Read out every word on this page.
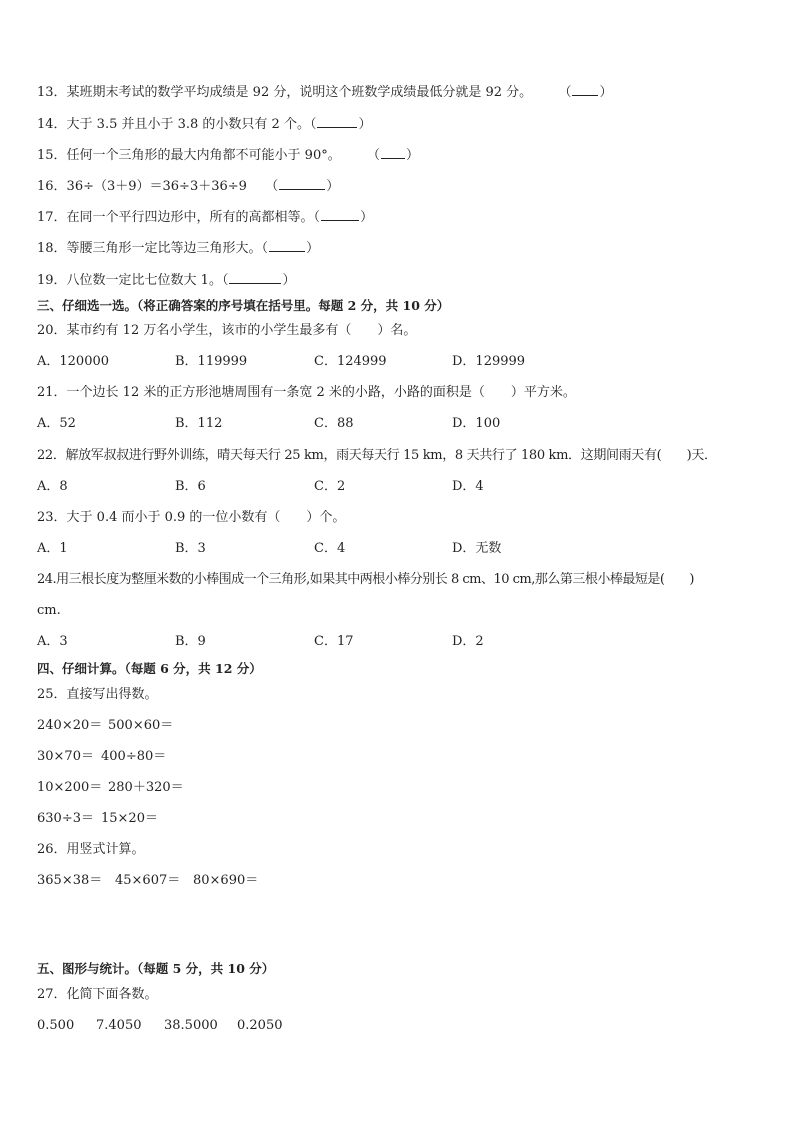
13．某班期末考试的数学平均成绩是 92 分，说明这个班数学成绩最低分就是 92 分。 （ ）
14．大于 3.5 并且小于 3.8 的小数只有 2 个。（	）
15．任何一个三角形的最大内角都不可能小于 90°。 （ ）
16．36÷（3＋9）＝36÷3＋36÷9 （	）
17．在同一个平行四边形中，所有的高都相等。（	）
18．等腰三角形一定比等边三角形大。（	）
19．八位数一定比七位数大 1。（	）
三、仔细选一选。（将正确答案的序号填在括号里。每题 2 分，共 10 分）
20．某市约有 12 万名小学生，该市的小学生最多有（　　）名。
A．120000	B．119999	C．124999	D．129999
21．一个边长 12 米的正方形池塘周围有一条宽 2 米的小路，小路的面积是（　　）平方米。
A．52	B．112	C．88	D．100
22．解放军叔叔进行野外训练，晴天每天行 25 km，雨天每天行 15 km，8 天共行了 180 km．这期间雨天有(　　)天．
A．8	B．6	C．2	D．4
23．大于 0.4 而小于 0.9 的一位小数有（　　）个。
A．1	B．3	C．4	D．无数
24.用三根长度为整厘米数的小棒围成一个三角形,如果其中两根小棒分别长 8 cm、10 cm,那么第三根小棒最短是(　　)
cm.
A．3	B．9	C．17	D．2
四、仔细计算。（每题 6 分，共 12 分）
25．直接写出得数。
240×20＝ 500×60＝
30×70＝ 400÷80＝
10×200＝ 280＋320＝
630÷3＝ 15×20＝
26．用竖式计算。
365×38＝ 45×607＝ 80×690＝
五、图形与统计。（每题 5 分，共 10 分）
27．化简下面各数。
0.500 7.4050 38.5000 0.2050
